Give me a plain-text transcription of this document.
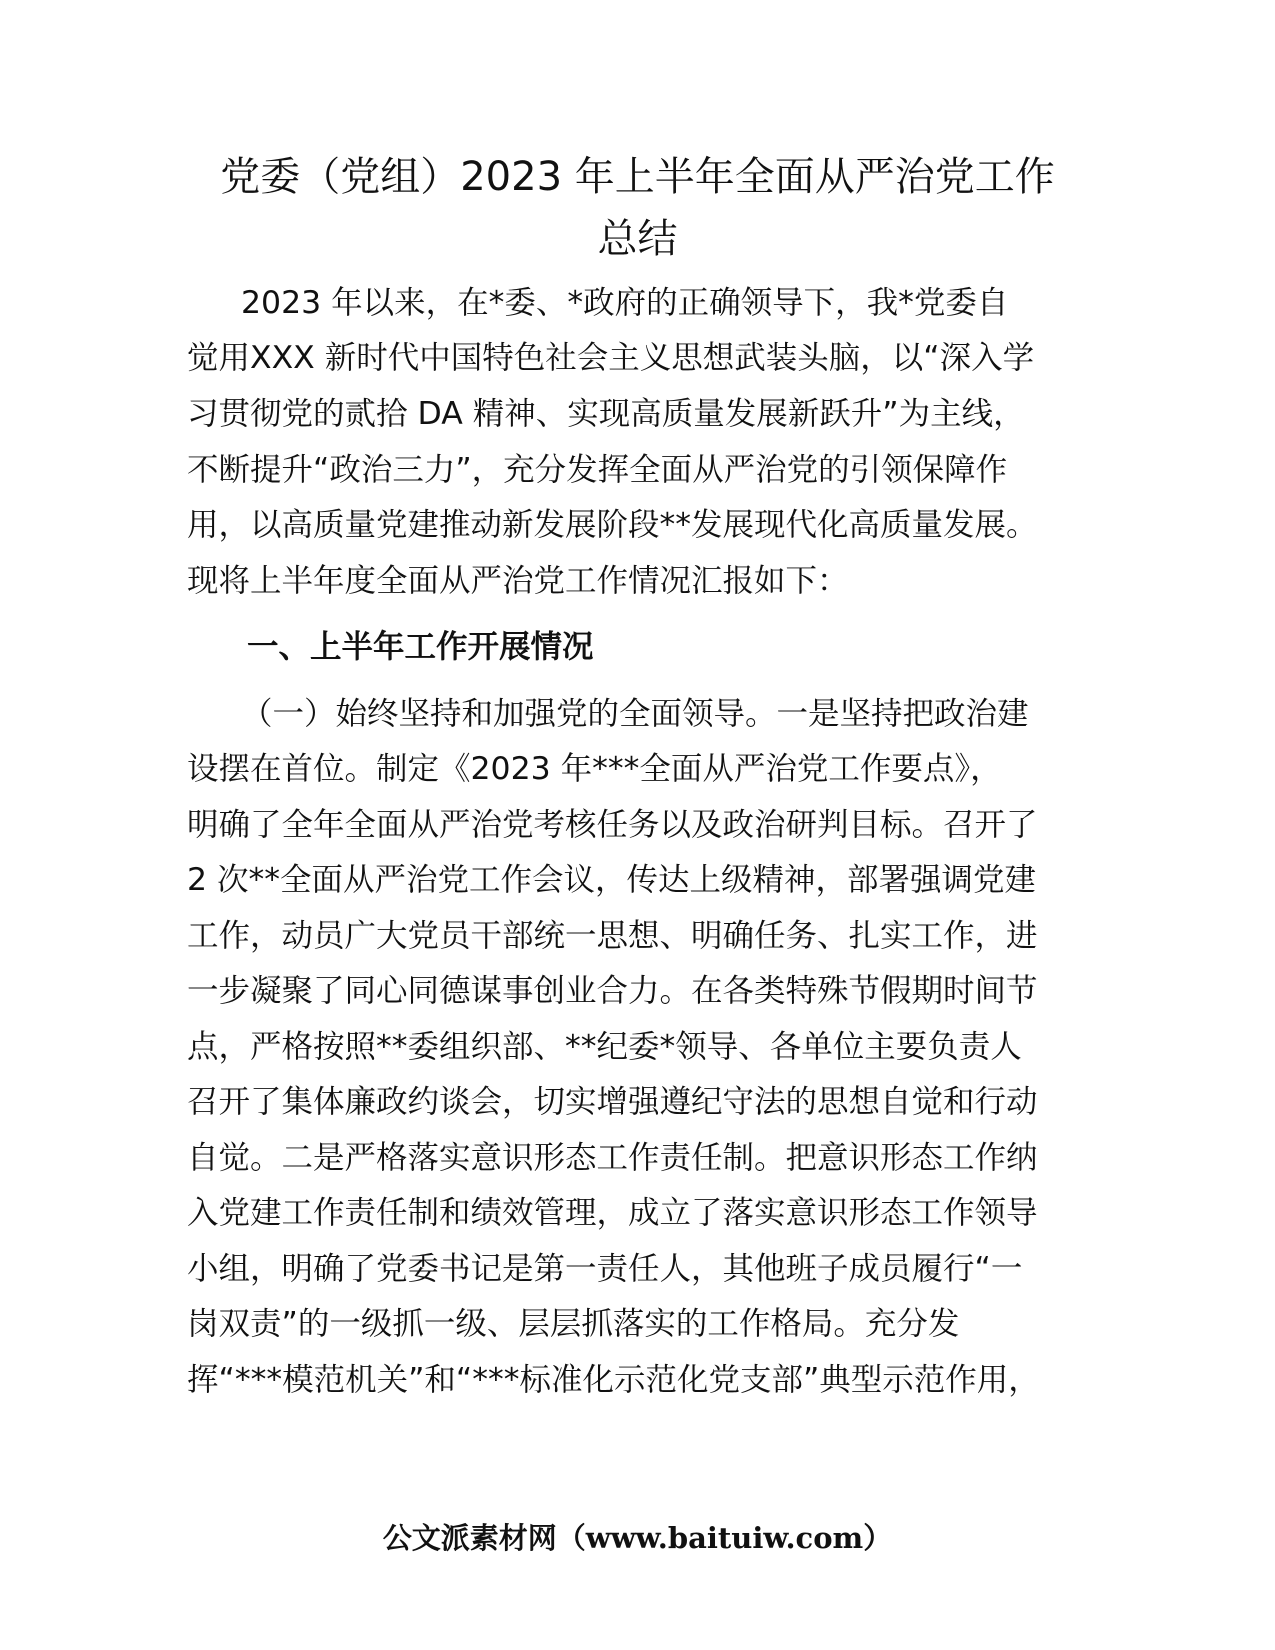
党委（党组）2023 年上半年全面从严治党工作
总结

2023 年以来，在*委、*政府的正确领导下，我*党委自

觉用XXX 新时代中国特色社会主义思想武装头脑，以“深入学

习贯彻党的贰拾 DA 精神、实现高质量发展新跃升”为主线，

不断提升“政治三力”，充分发挥全面从严治党的引领保障作

用，以高质量党建推动新发展阶段**发展现代化高质量发展。

现将上半年度全面从严治党工作情况汇报如下：

一、上半年工作开展情况

（一）始终坚持和加强党的全面领导。一是坚持把政治建

设摆在首位。制定《2023 年***全面从严治党工作要点》，

明确了全年全面从严治党考核任务以及政治研判目标。召开了

2 次**全面从严治党工作会议，传达上级精神，部署强调党建

工作，动员广大党员干部统一思想、明确任务、扎实工作，进

一步凝聚了同心同德谋事创业合力。在各类特殊节假期时间节

点，严格按照**委组织部、**纪委*领导、各单位主要负责人

召开了集体廉政约谈会，切实增强遵纪守法的思想自觉和行动

自觉。二是严格落实意识形态工作责任制。把意识形态工作纳

入党建工作责任制和绩效管理，成立了落实意识形态工作领导

小组，明确了党委书记是第一责任人，其他班子成员履行“一

岗双责”的一级抓一级、层层抓落实的工作格局。充分发

挥“***模范机关”和“***标准化示范化党支部”典型示范作用，

公文派素材网（www.baituiw.com）
